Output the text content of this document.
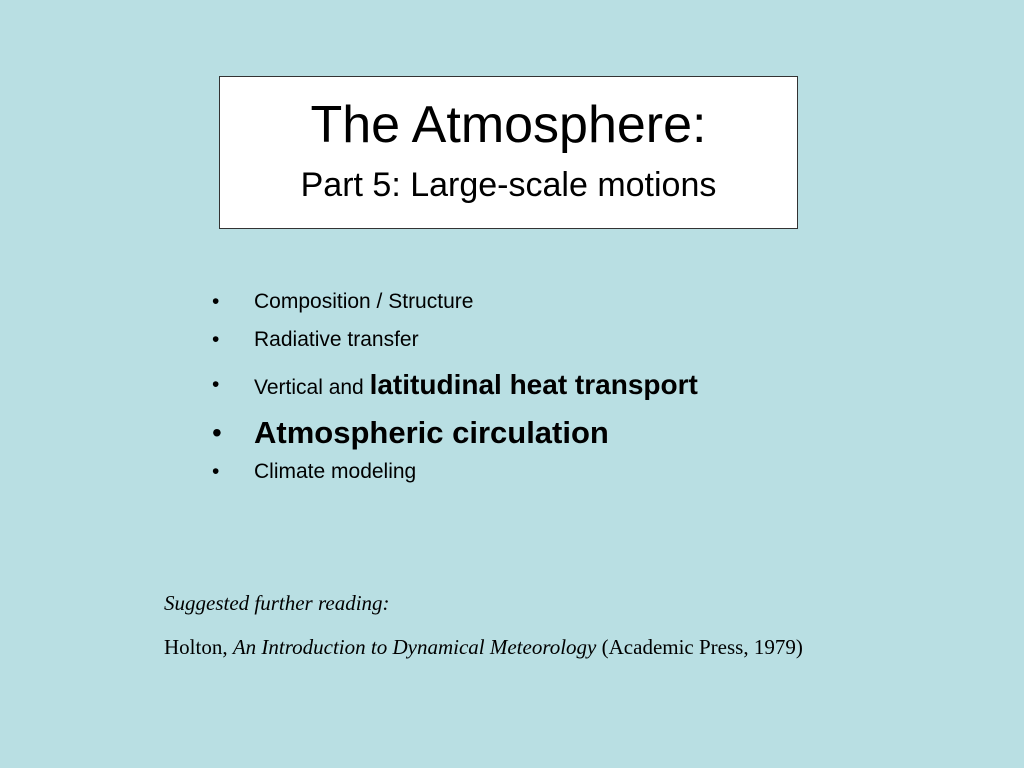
The Atmosphere:
Part 5: Large-scale motions
• Composition / Structure
• Radiative transfer
• Vertical and latitudinal heat transport
• Atmospheric circulation
• Climate modeling

Suggested further reading:

Holton, An Introduction to Dynamical Meteorology (Academic Press, 1979)
